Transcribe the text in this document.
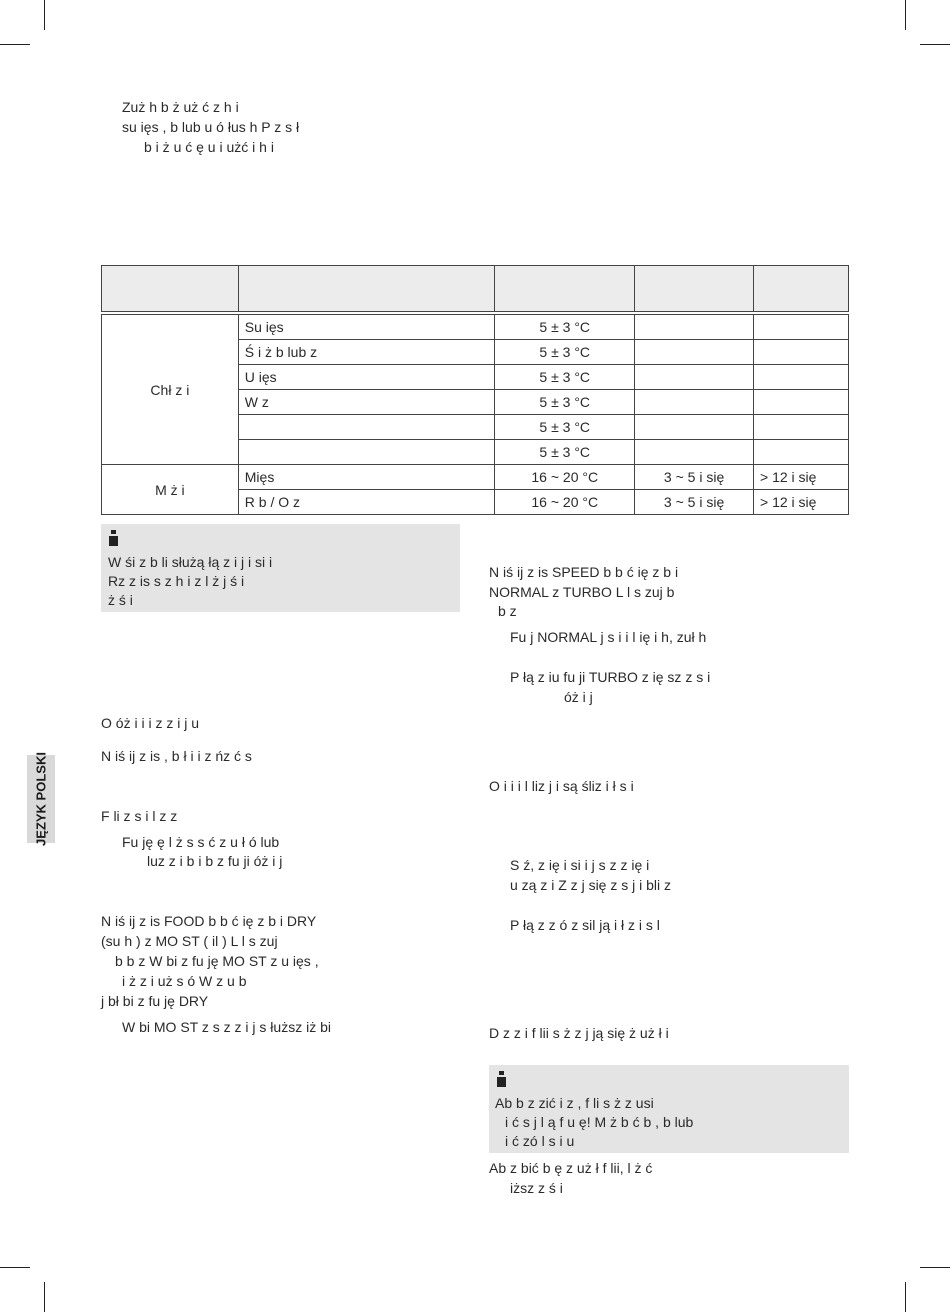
JĘZYK POLSKI
Zuż h b ż uż ć z h i
su ięs , b lub u ó łus h P z s ł
b i ż u ć ę u i użć i h i

Chł z i	Su ięs	5 ± 3 °C		
	Ś i ż b lub z	5 ± 3 °C		
	U ięs	5 ± 3 °C		
	W z	5 ± 3 °C		
		5 ± 3 °C		
		5 ± 3 °C		
M ż i	Mięs	16 ~ 20 °C	3 ~ 5 i się	> 12 i się
	R b / O z	16 ~ 20 °C	3 ~ 5 i się	> 12 i się
W śi z b li służą łą z i j i si i
Rz z is s z h i z l ż j ś i
ż ś i
O óż i i i z z i j u
N iś ij z is , b ł i i z ńz ć s
F li z s i l z z
Fu ję ę l ż s s ć z u ł ó lub
luz z i b i b z fu ji óż i j
N iś ij z is FOOD b b ć ię z b i DRY
(su h ) z MO ST ( il ) L l s zuj
b b z W bi z fu ję MO ST z u ięs ,
i ż z i uż s ó W z u b
j bł bi z fu ję DRY
W bi MO ST z s z z i j s łuższ iż bi
N iś ij z is SPEED b b ć ię z b i
NORMAL z TURBO L l s zuj b
b z
Fu j NORMAL j s i i l ię i h, zuł h
P łą z iu fu ji TURBO z ię sz z s i
óż i j
O i i i l liz j i są śliz i ł s i
S ź, z ię i si i j s z z ię i
u zą z i Z z j się z s j i bli z
P łą z z ó z sil ją i ł z i s l
D z z i f lii s ż z j ją się ż uż ł i
Ab b z zić i z , f li s ż z usi
i ć s j l ą f u ę! M ż b ć b , b lub
i ć zó l s i u
Ab z bić b ę z uż ł f lii, l ż ć
iższ z ś i
